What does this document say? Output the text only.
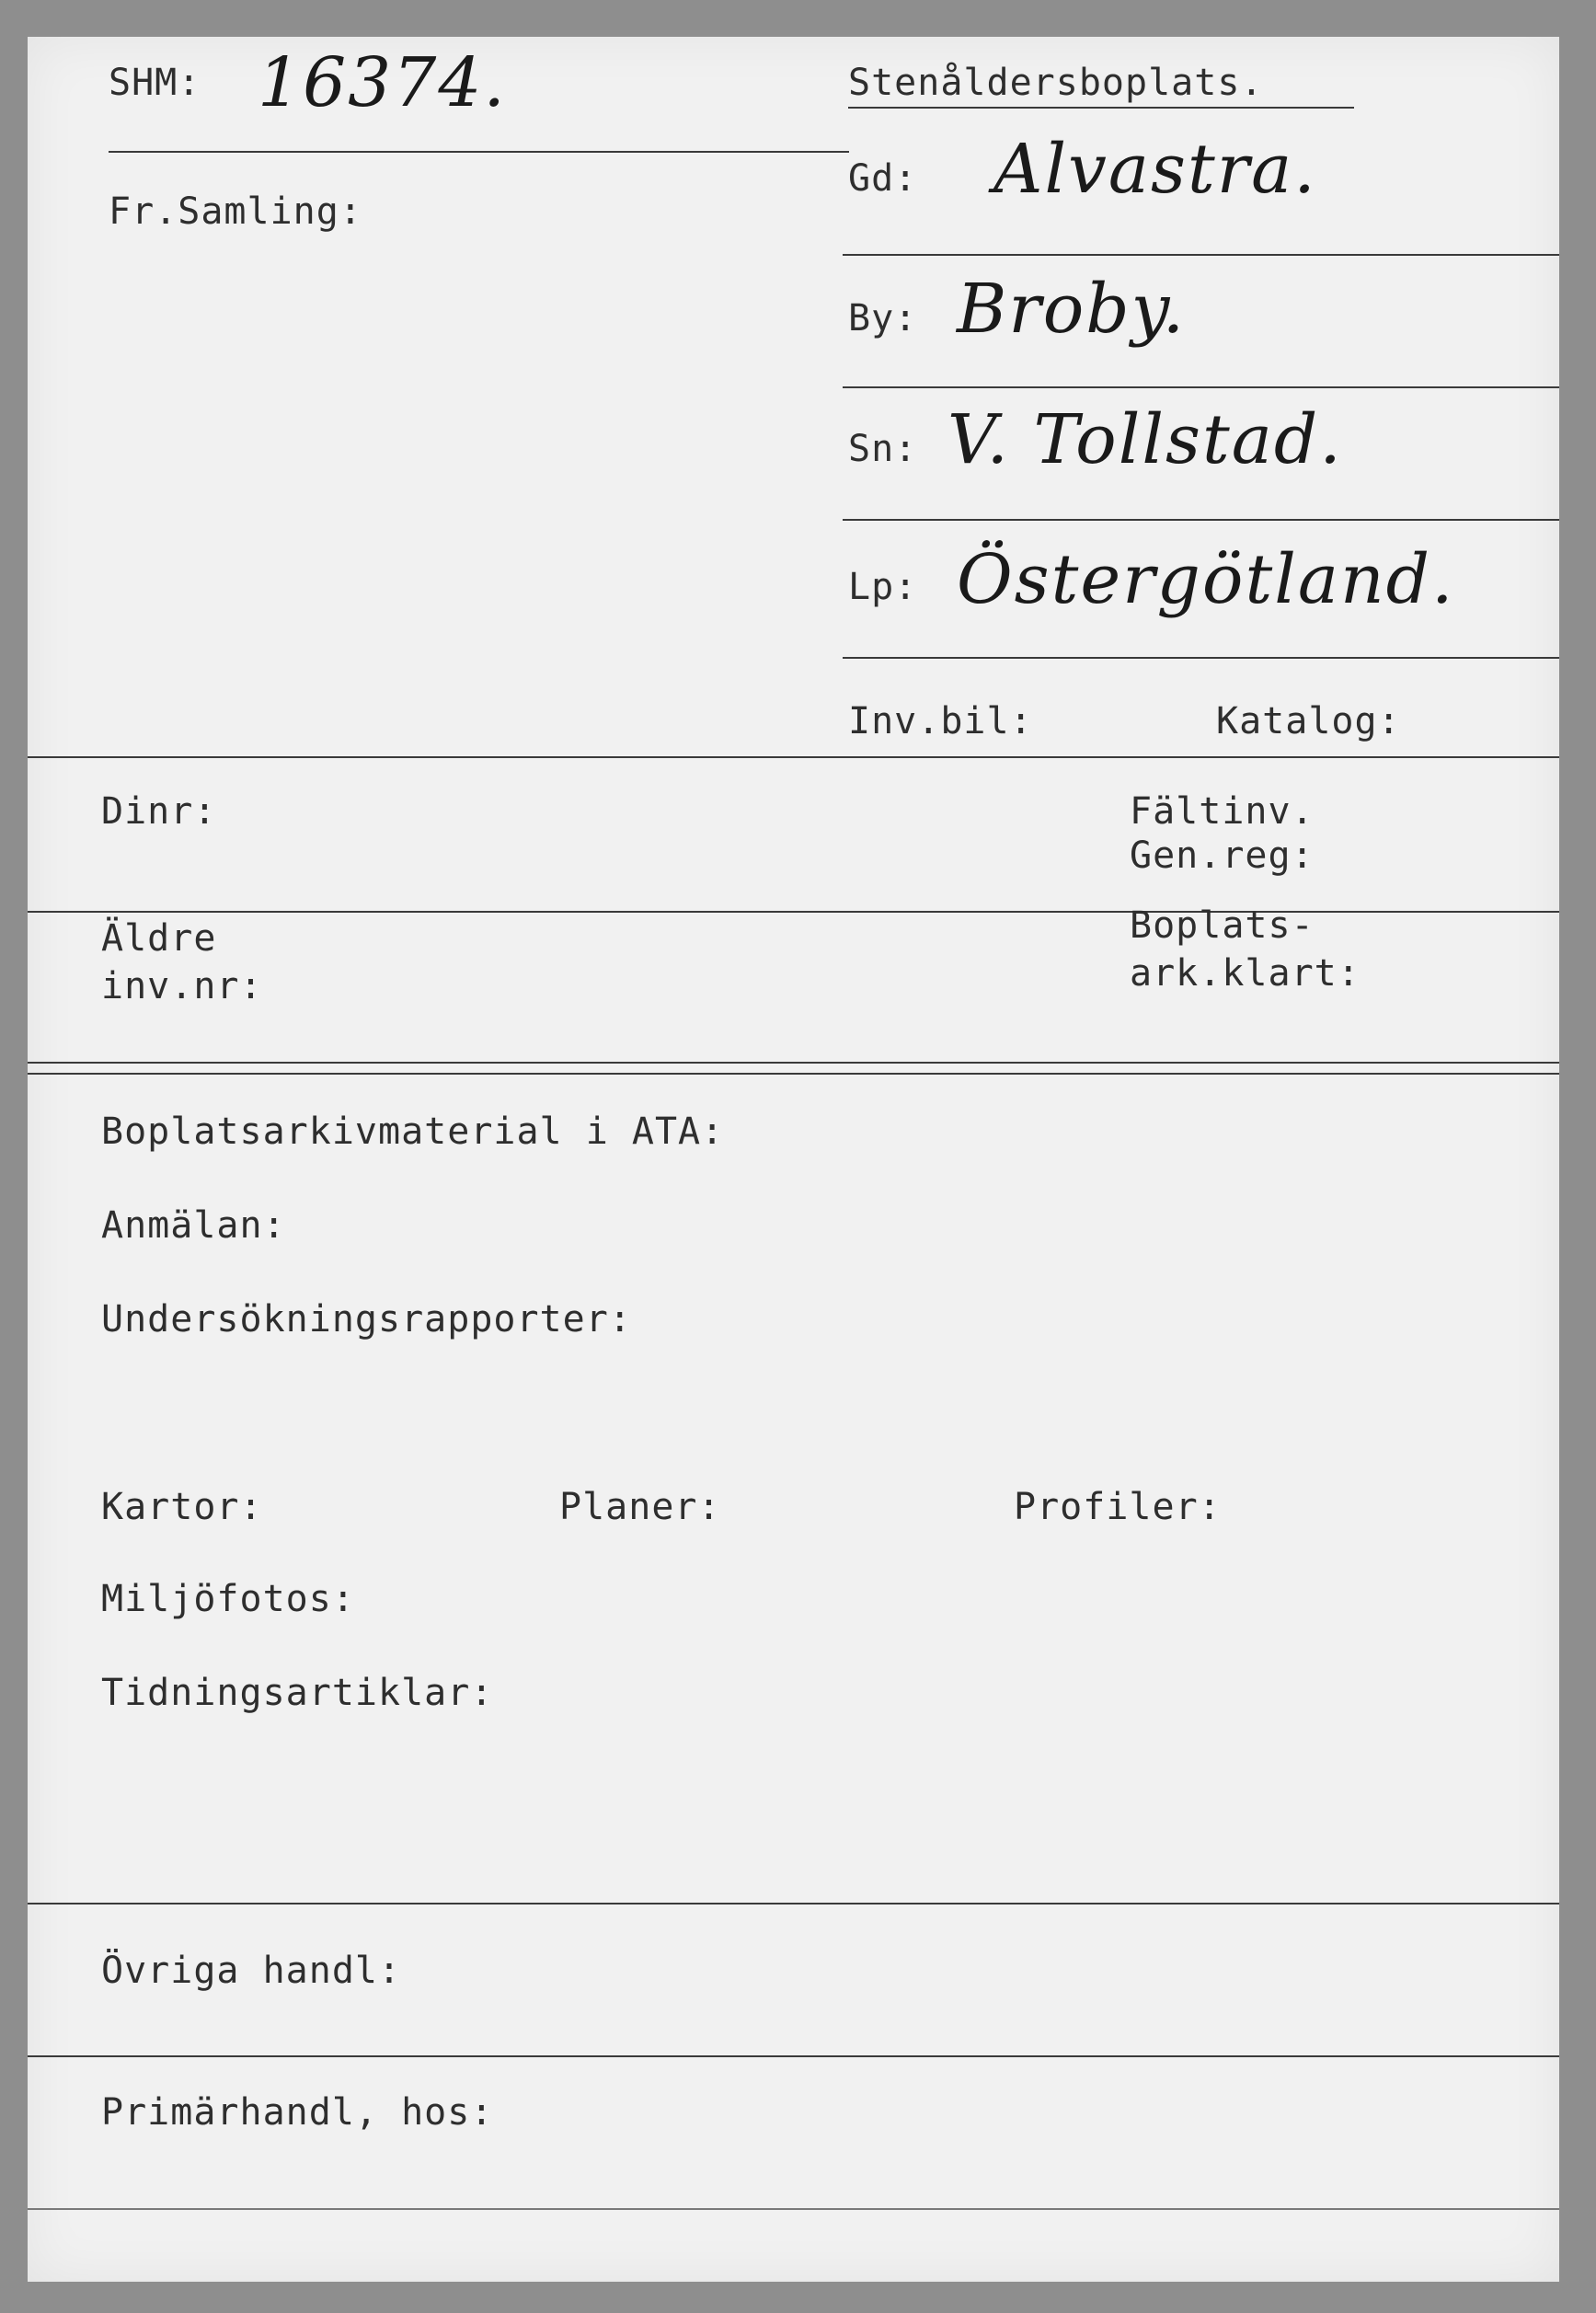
SHM: 16374.	Stenåldersboplats.
Fr.Samling:
Gd: Alvastra.
By: Broby.
Sn: V. Tollstad.
Lp: Östergötland.
Inv.bil:	Katalog:
Dinr:	Fältinv.
Gen.reg:
Äldre
inv.nr:
Boplats-
ark.klart:
Boplatsarkivmaterial i ATA:
Anmälan:
Undersökningsrapporter:
Kartor:	Planer:	Profiler:
Miljöfotos:
Tidningsartiklar:
Övriga handl:
Primärhandl, hos:
